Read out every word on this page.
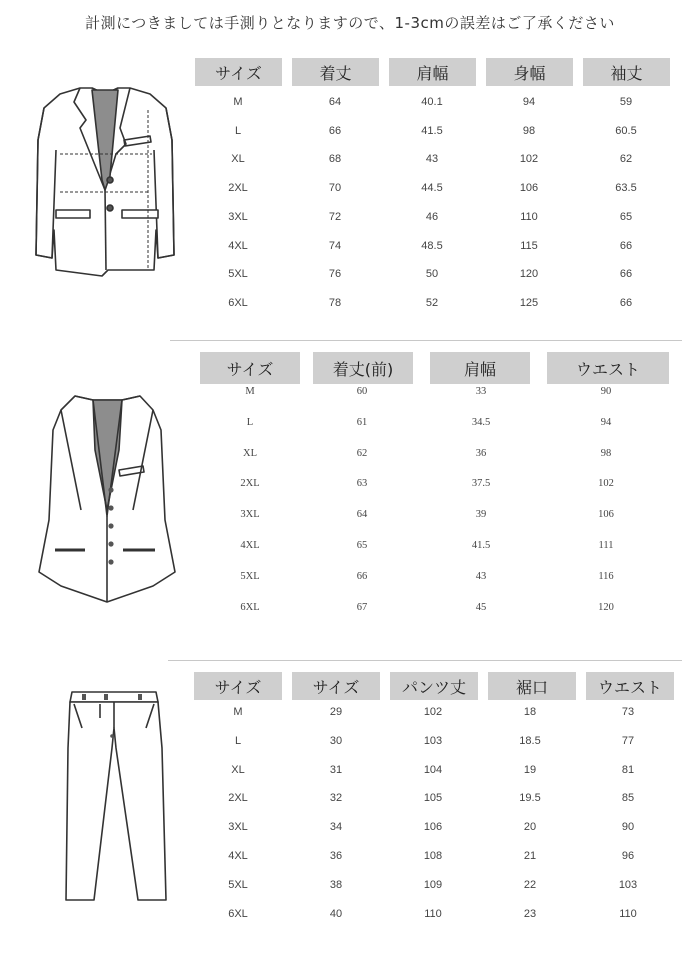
計測につきましては手測りとなりますので、1-3cmの誤差はご了承ください
サイズ	着丈	肩幅	身幅	袖丈
M	64	40.1	94	59
L	66	41.5	98	60.5
XL	68	43	102	62
2XL	70	44.5	106	63.5
3XL	72	46	110	65
4XL	74	48.5	115	66
5XL	76	50	120	66
6XL	78	52	125	66
サイズ	着丈(前)	肩幅	ウエスト
M	60	33	90
L	61	34.5	94
XL	62	36	98
2XL	63	37.5	102
3XL	64	39	106
4XL	65	41.5	111
5XL	66	43	116
6XL	67	45	120
サイズ	サイズ	パンツ丈	裾口	ウエスト
M	29	102	18	73
L	30	103	18.5	77
XL	31	104	19	81
2XL	32	105	19.5	85
3XL	34	106	20	90
4XL	36	108	21	96
5XL	38	109	22	103
6XL	40	110	23	110
